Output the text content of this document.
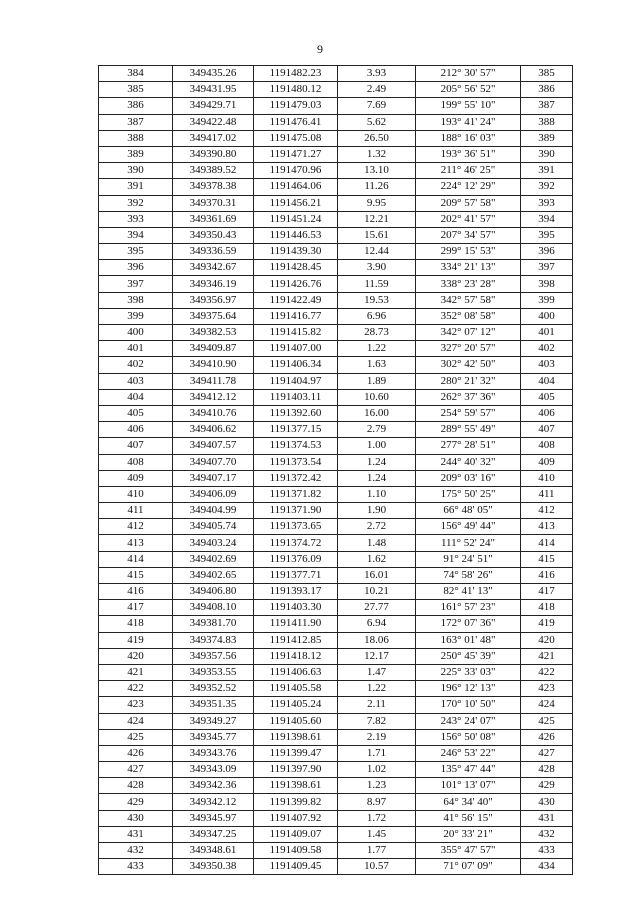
9
384	349435.26	1191482.23	3.93	212° 30' 57"	385
385	349431.95	1191480.12	2.49	205° 56' 52"	386
386	349429.71	1191479.03	7.69	199° 55' 10"	387
387	349422.48	1191476.41	5.62	193° 41' 24"	388
388	349417.02	1191475.08	26.50	188° 16' 03"	389
389	349390.80	1191471.27	1.32	193° 36' 51"	390
390	349389.52	1191470.96	13.10	211° 46' 25"	391
391	349378.38	1191464.06	11.26	224° 12' 29"	392
392	349370.31	1191456.21	9.95	209° 57' 58"	393
393	349361.69	1191451.24	12.21	202° 41' 57"	394
394	349350.43	1191446.53	15.61	207° 34' 57"	395
395	349336.59	1191439.30	12.44	299° 15' 53"	396
396	349342.67	1191428.45	3.90	334° 21' 13"	397
397	349346.19	1191426.76	11.59	338° 23' 28"	398
398	349356.97	1191422.49	19.53	342° 57' 58"	399
399	349375.64	1191416.77	6.96	352° 08' 58"	400
400	349382.53	1191415.82	28.73	342° 07' 12"	401
401	349409.87	1191407.00	1.22	327° 20' 57"	402
402	349410.90	1191406.34	1.63	302° 42' 50"	403
403	349411.78	1191404.97	1.89	280° 21' 32"	404
404	349412.12	1191403.11	10.60	262° 37' 36"	405
405	349410.76	1191392.60	16.00	254° 59' 57"	406
406	349406.62	1191377.15	2.79	289° 55' 49"	407
407	349407.57	1191374.53	1.00	277° 28' 51"	408
408	349407.70	1191373.54	1.24	244° 40' 32"	409
409	349407.17	1191372.42	1.24	209° 03' 16"	410
410	349406.09	1191371.82	1.10	175° 50' 25"	411
411	349404.99	1191371.90	1.90	66° 48' 05"	412
412	349405.74	1191373.65	2.72	156° 49' 44"	413
413	349403.24	1191374.72	1.48	111° 52' 24"	414
414	349402.69	1191376.09	1.62	91° 24' 51"	415
415	349402.65	1191377.71	16.01	74° 58' 26"	416
416	349406.80	1191393.17	10.21	82° 41' 13"	417
417	349408.10	1191403.30	27.77	161° 57' 23"	418
418	349381.70	1191411.90	6.94	172° 07' 36"	419
419	349374.83	1191412.85	18.06	163° 01' 48"	420
420	349357.56	1191418.12	12.17	250° 45' 39"	421
421	349353.55	1191406.63	1.47	225° 33' 03"	422
422	349352.52	1191405.58	1.22	196° 12' 13"	423
423	349351.35	1191405.24	2.11	170° 10' 50"	424
424	349349.27	1191405.60	7.82	243° 24' 07"	425
425	349345.77	1191398.61	2.19	156° 50' 08"	426
426	349343.76	1191399.47	1.71	246° 53' 22"	427
427	349343.09	1191397.90	1.02	135° 47' 44"	428
428	349342.36	1191398.61	1.23	101° 13' 07"	429
429	349342.12	1191399.82	8.97	64° 34' 40"	430
430	349345.97	1191407.92	1.72	41° 56' 15"	431
431	349347.25	1191409.07	1.45	20° 33' 21"	432
432	349348.61	1191409.58	1.77	355° 47' 57"	433
433	349350.38	1191409.45	10.57	71° 07' 09"	434
